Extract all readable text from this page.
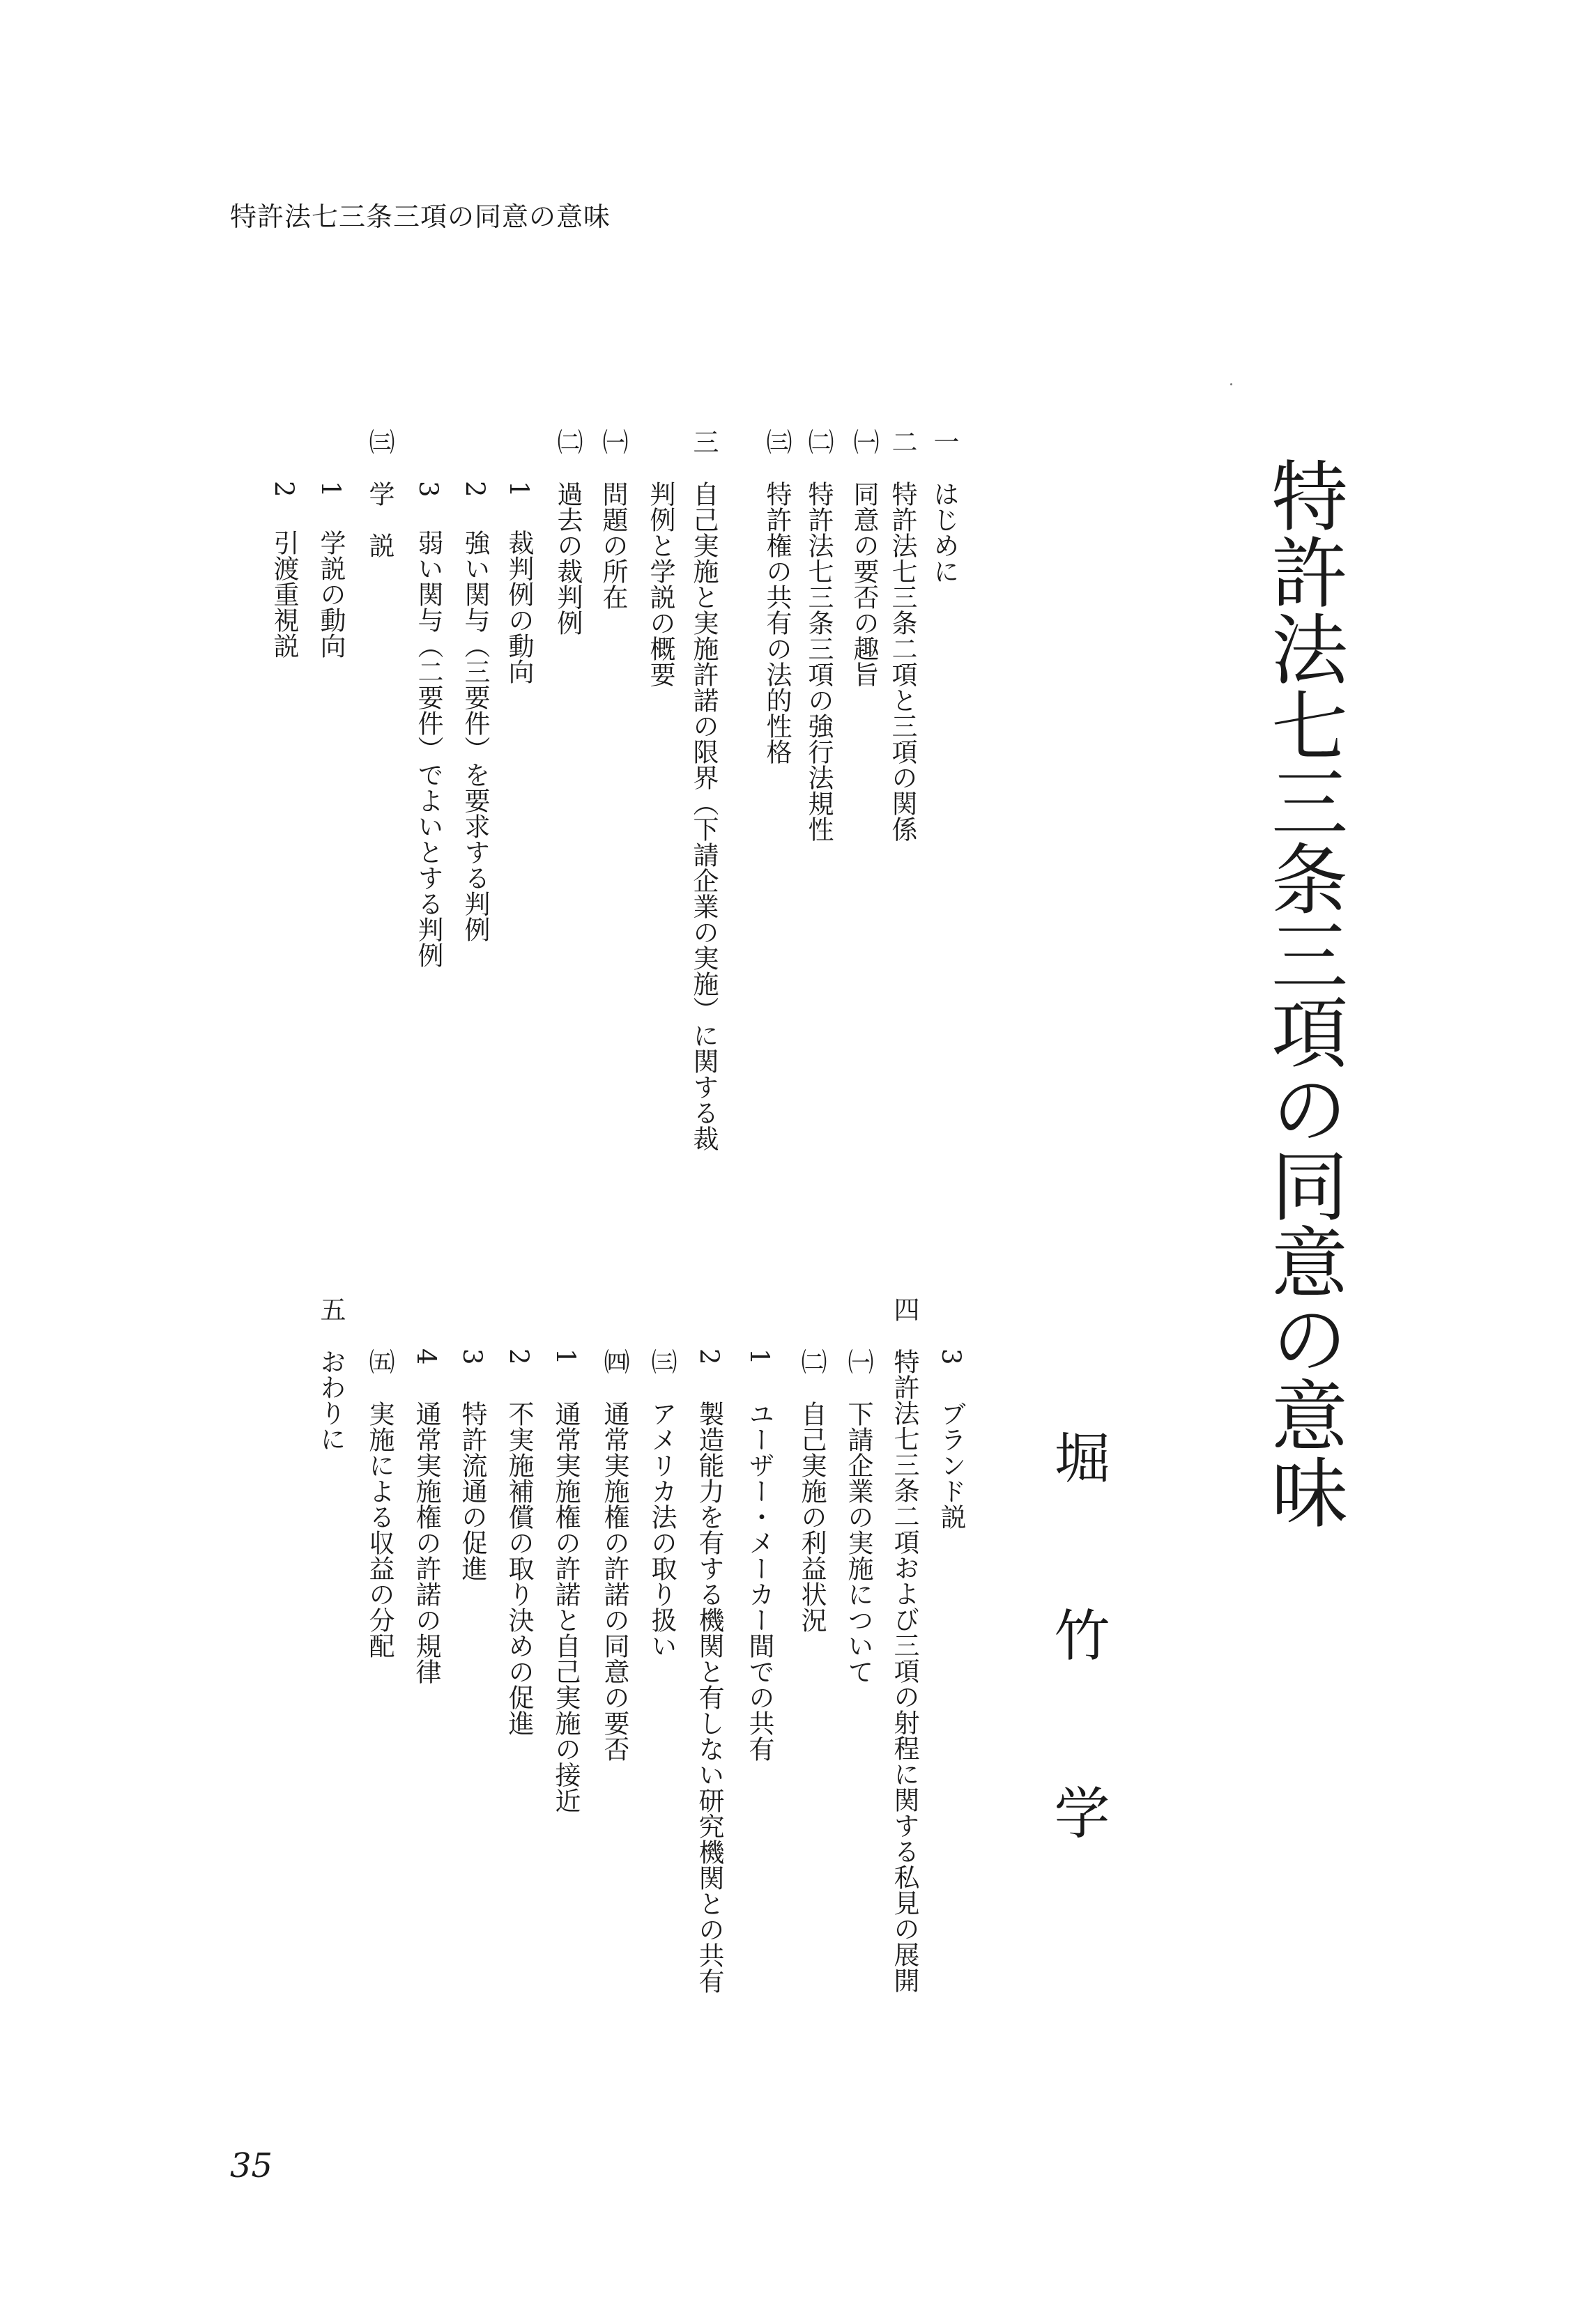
特許法七三条三項の同意の意味
特許法七三条三項の同意の意味
堀竹学
一
はじめに
二
特許法七三条二項と三項の関係
㈠
同意の要否の趣旨
㈡
特許法七三条三項の強行法規性
㈢
特許権の共有の法的性格
三
自己実施と実施許諾の限界（下請企業の実施）に関する裁
判例と学説の概要
㈠
問題の所在
㈡
過去の裁判例
1
裁判例の動向
2
強い関与（三要件）を要求する判例
3
弱い関与（二要件）でよいとする判例
㈢
学　説
1
学説の動向
2
引渡重視説
3
ブランド説
四
特許法七三条二項および三項の射程に関する私見の展開
㈠
下請企業の実施について
㈡
自己実施の利益状況
1
ユーザー・メーカー間での共有
2
製造能力を有する機関と有しない研究機関との共有
㈢
アメリカ法の取り扱い
㈣
通常実施権の許諾の同意の要否
1
通常実施権の許諾と自己実施の接近
2
不実施補償の取り決めの促進
3
特許流通の促進
4
通常実施権の許諾の規律
㈤
実施による収益の分配
五
おわりに
35
